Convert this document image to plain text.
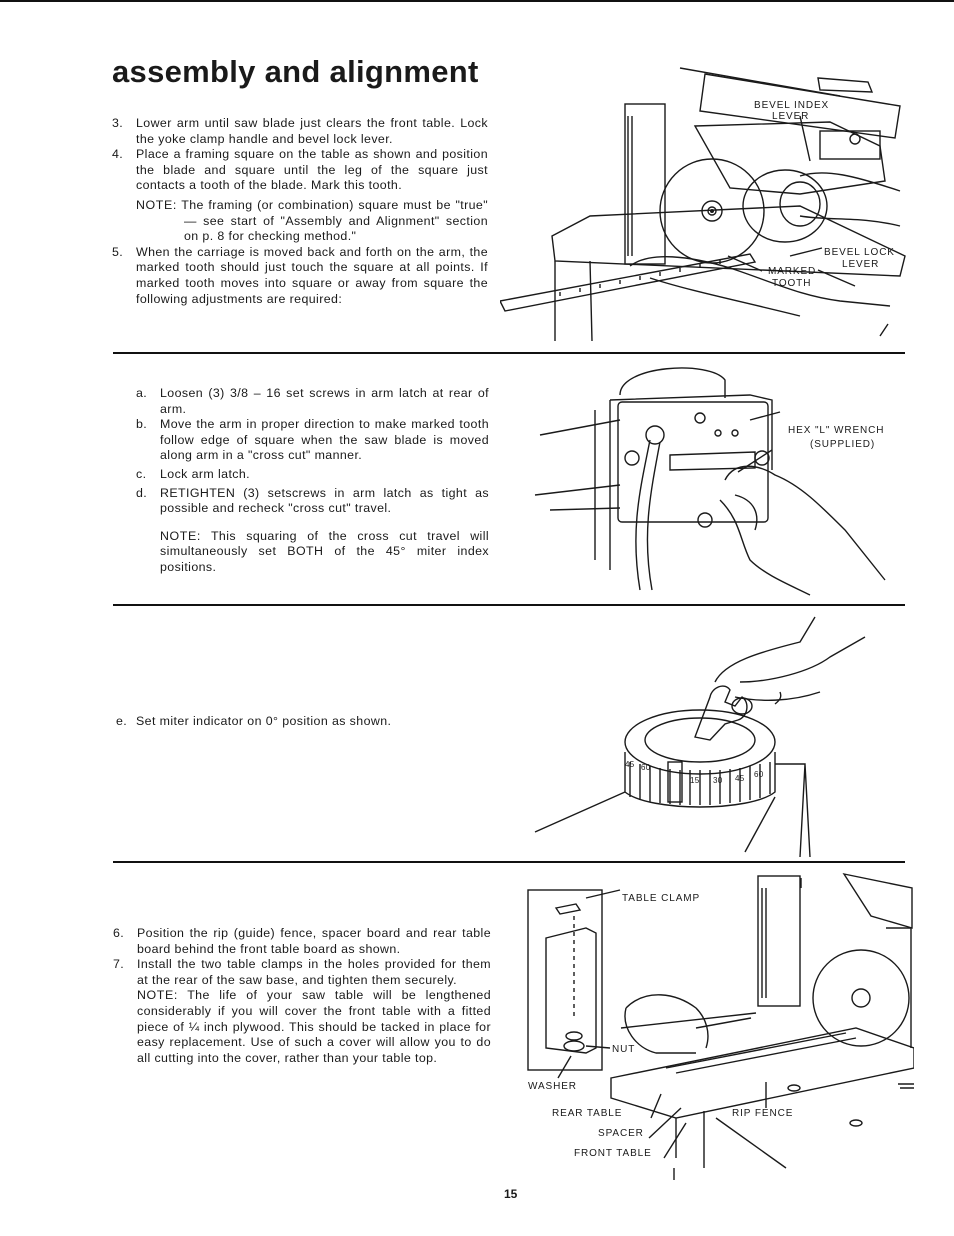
assembly and alignment
3. Lower arm until saw blade just clears the front table. Lock the yoke clamp handle and bevel lock lever.
4. Place a framing square on the table as shown and position the blade and square until the leg of the square just contacts a tooth of the blade. Mark this tooth.
NOTE: The framing (or combination) square must be "true" — see start of "Assembly and Alignment" section on p. 8 for checking method."
5. When the carriage is moved back and forth on the arm, the marked tooth should just touch the square at all points. If marked tooth moves into square or away from square the following adjustments are required:
BEVEL INDEX
LEVER
BEVEL LOCK
LEVER
MARKED
TOOTH
a. Loosen (3) 3/8 – 16 set screws in arm latch at rear of arm.
b. Move the arm in proper direction to make marked tooth follow edge of square when the saw blade is moved along arm in a "cross cut" manner.
c. Lock arm latch.
d. RETIGHTEN (3) setscrews in arm latch as tight as possible and recheck "cross cut" travel.
NOTE: This squaring of the cross cut travel will simultaneously set BOTH of the 45° miter index positions.
HEX "L" WRENCH
(SUPPLIED)
e. Set miter indicator on 0° position as shown.
45 60
15 30 45 60
6. Position the rip (guide) fence, spacer board and rear table board behind the front table board as shown.
7. Install the two table clamps in the holes provided for them at the rear of the saw base, and tighten them securely.
NOTE: The life of your saw table will be lengthened considerably if you will cover the front table with a fitted piece of ¼ inch plywood. This should be tacked in place for easy replacement. Use of such a cover will allow you to do all cutting into the cover, rather than your table top.
TABLE CLAMP
NUT
WASHER
REAR TABLE	RIP FENCE
SPACER
FRONT TABLE
15
